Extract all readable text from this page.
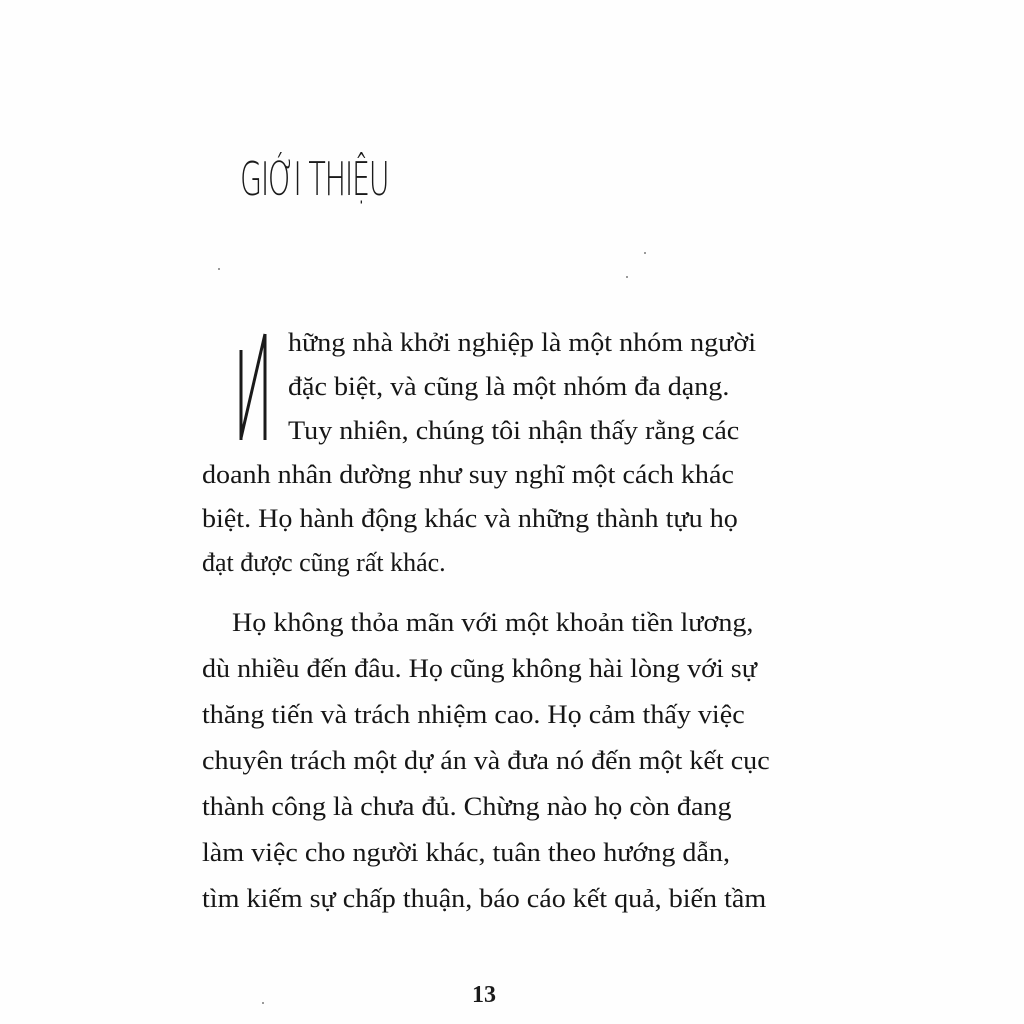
GIỚI THIỆU
hững nhà khởi nghiệp là một nhóm người
đặc biệt, và cũng là một nhóm đa dạng.
Tuy nhiên, chúng tôi nhận thấy rằng các
doanh nhân dường như suy nghĩ một cách khác
biệt. Họ hành động khác và những thành tựu họ
đạt được cũng rất khác.
Họ không thỏa mãn với một khoản tiền lương,
dù nhiều đến đâu. Họ cũng không hài lòng với sự
thăng tiến và trách nhiệm cao. Họ cảm thấy việc
chuyên trách một dự án và đưa nó đến một kết cục
thành công là chưa đủ. Chừng nào họ còn đang
làm việc cho người khác, tuân theo hướng dẫn,
tìm kiếm sự chấp thuận, báo cáo kết quả, biến tầm
13
